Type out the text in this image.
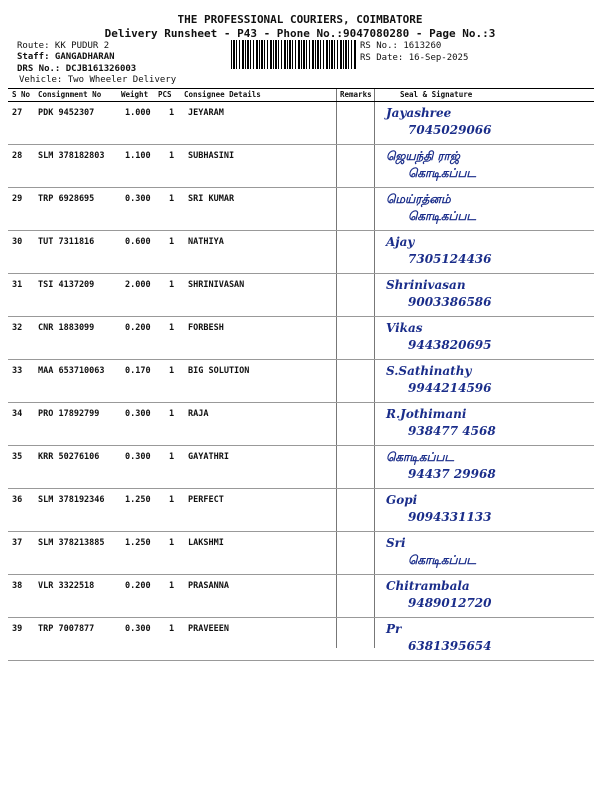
THE PROFESSIONAL COURIERS, COIMBATORE
Delivery Runsheet - P43 - Phone No.:9047080280 - Page No.:3
Route: KK PUDUR 2
Staff: GANGADHARAN
DRS No.: DCJB161326003
Vehicle: Two Wheeler Delivery
RS No.: 1613260
RS Date: 16-Sep-2025
S No Consignment No	Weight PCS Consignee Details	Remarks	Seal & Signature
27 PDK 9452307	1.000 1 JEYARAM	Jayashree
7045029066
28 SLM 378182803 1.100 1 SUBHASINI	ஜெயந்தி ராஜ்
கொடிகப்பட
29 TRP 6928695	0.300 1 SRI KUMAR	மெய்ரத்னம்
கொடிகப்பட
30 TUT 7311816	0.600 1 NATHIYA	Ajay
7305124436
31 TSI 4137209	2.000 1 SHRINIVASAN	Shrinivasan
9003386586
32 CNR 1883099	0.200 1 FORBESH	Vikas
9443820695
33 MAA 653710063 0.170 1 BIG SOLUTION	S.Sathinathy
9944214596
34 PRO 17892799	0.300 1 RAJA	R.Jothimani
938477 4568
35 KRR 50276106	0.300 1 GAYATHRI	கொடிகப்பட
94437 29968
36 SLM 378192346 1.250 1 PERFECT	Gopi
9094331133
37 SLM 378213885 1.250 1 LAKSHMI	Sri
கொடிகப்பட
38 VLR 3322518	0.200 1 PRASANNA	Chitrambala
9489012720
39 TRP 7007877	0.300 1 PRAVEEEN	Pr
6381395654
